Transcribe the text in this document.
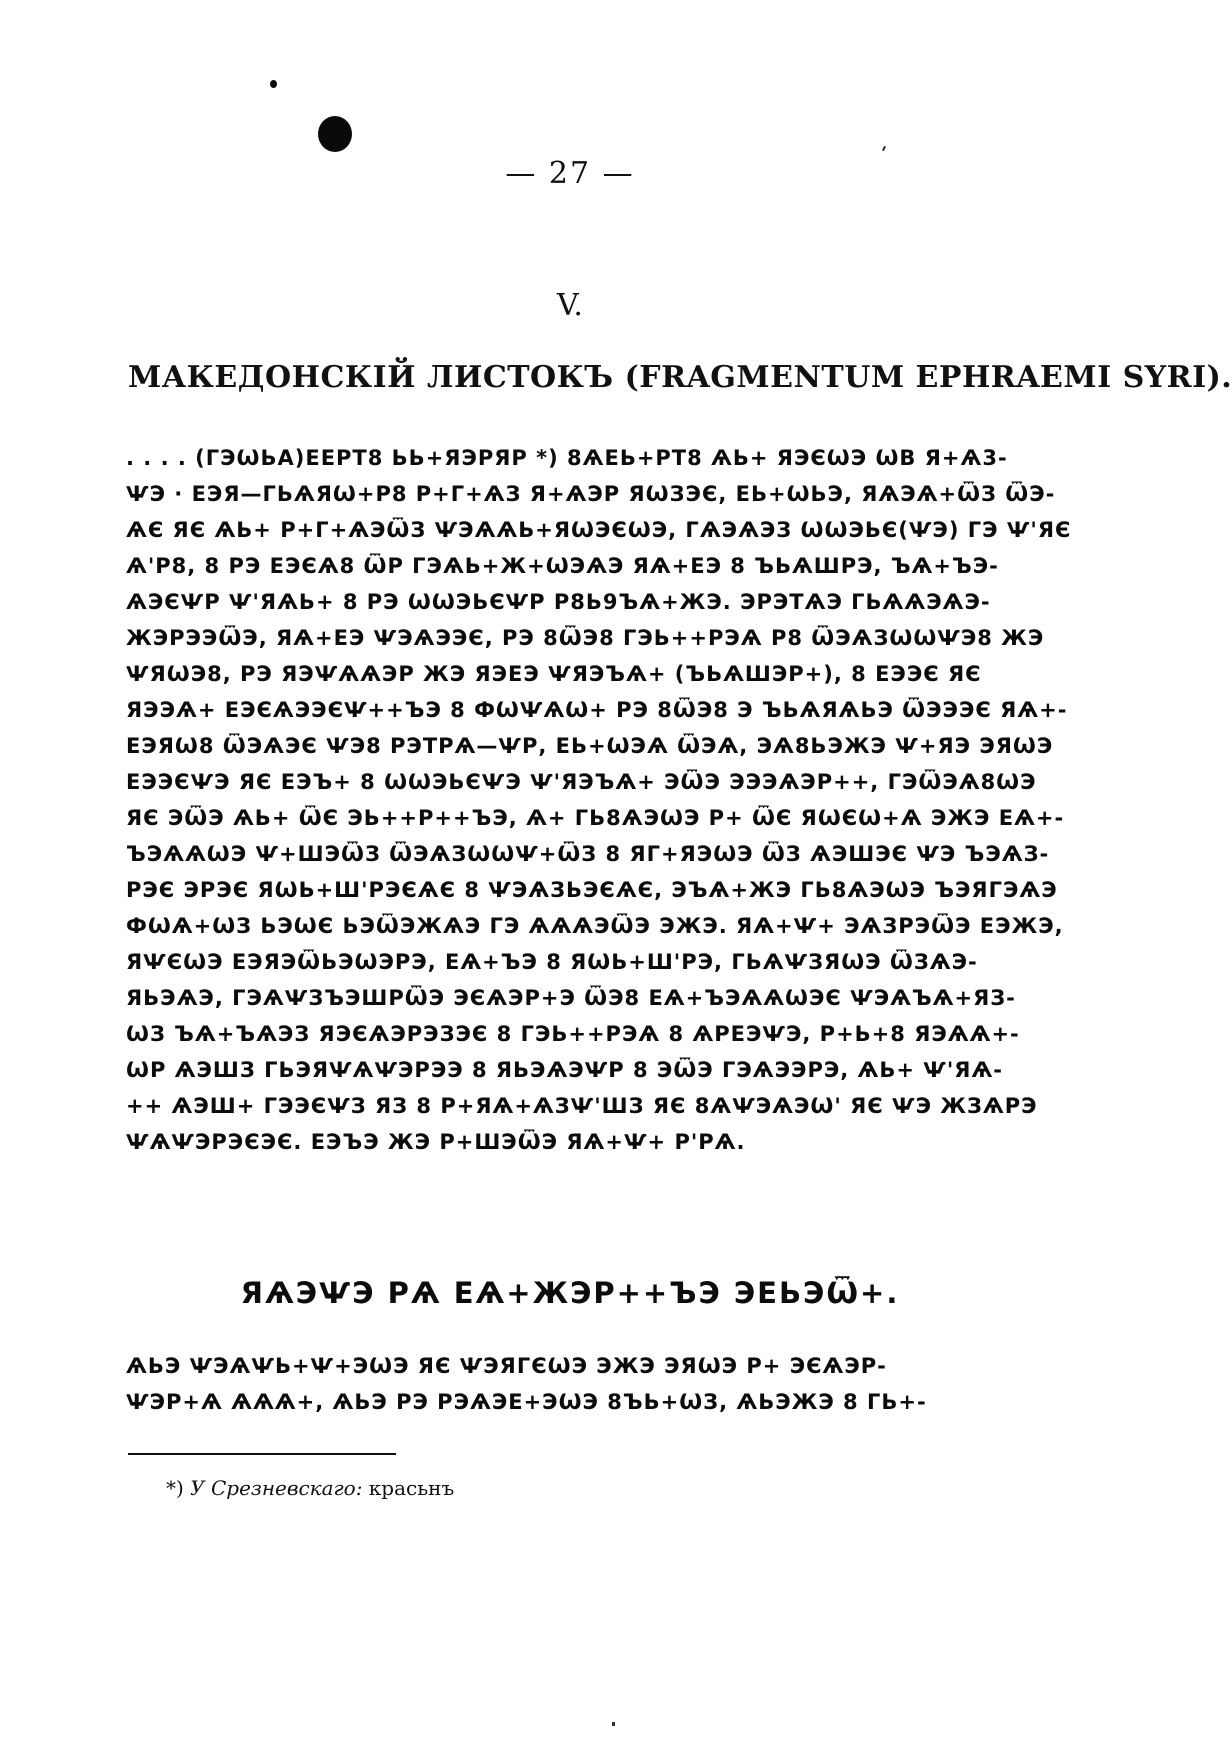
— 27 —
V.
МАКЕДОНСКІЙ ЛИСТОКЪ (FRAGMENTUM EPHRAEMI SYRI).
. . . . (ГЭѠЬА)ЕЕРТ8 ЬЬ+ЯЭРЯР *) 8ѦЕЬ+РТ8 ѦЬ+ ЯЭЄѠЭ ѠΒ Я+Ѧ3-
ѰЭ · ЕЭЯ—ГЬѦЯѠ+Р8 Р+Г+ѦЗ Я+ѦЭР ЯѠЗЭЄ, ЕЬ+ѠЬЭ, ЯѦЭѦ+ѾЗ ѾЭ-
ѦЄ ЯЄ ѦЬ+ Р+Г+ѦЭѾЗ ѰЭѦѦЬ+ЯѠЭЄѠЭ, ГѦЭѦЭЗ ѠѠЭЬЄ(ѰЭ) ГЭ Ѱ'ЯЄ
Ѧ'Р8, 8 РЭ ЕЭЄѦ8 ѾР ГЭѦЬ+Ж+ѠЭѦЭ ЯѦ+ЕЭ 8 ЪЬѦШРЭ, ЪѦ+ЪЭ-
ѦЭЄѰР Ѱ'ЯѦЬ+ 8 РЭ ѠѠЭЬЄѰР Р8Ь9ЪѦ+ЖЭ. ЭРЭТѦЭ ГЬѦѦЭѦЭ-
ЖЭРЭЭѾЭ, ЯѦ+ЕЭ ѰЭѦЭЭЄ, РЭ 8ѾЭ8 ГЭЬ++РЭѦ Р8 ѾЭѦЗѠѠѰЭ8 ЖЭ
ѰЯѠЭ8, РЭ ЯЭѰѦѦЭР ЖЭ ЯЭЕЭ ѰЯЭЪѦ+ (ЪЬѦШЭР+), 8 ЕЭЭЄ ЯЄ
ЯЭЭѦ+ ЕЭЄѦЭЭЄѰ++ЪЭ 8 ФѠѰѦѠ+ РЭ 8ѾЭ8 Э ЪЬѦЯѦЬЭ ѾЭЭЭЄ ЯѦ+-
ЕЭЯѠ8 ѾЭѦЭЄ ѰЭ8 РЭТРѦ—ѰР, ЕЬ+ѠЭѦ ѾЭѦ, ЭѦ8ЬЭЖЭ Ѱ+ЯЭ ЭЯѠЭ
ЕЭЭЄѰЭ ЯЄ ЕЭЪ+ 8 ѠѠЭЬЄѰЭ Ѱ'ЯЭЪѦ+ ЭѾЭ ЭЭЭѦЭР++, ГЭѾЭѦ8ѠЭ
ЯЄ ЭѾЭ ѦЬ+ ѾЄ ЭЬ++Р++ЪЭ, Ѧ+ ГЬ8ѦЭѠЭ Р+ ѾЄ ЯѠЄѠ+Ѧ ЭЖЭ ЕѦ+-
ЪЭѦѦѠЭ Ѱ+ШЭѾЗ ѾЭѦЗѠѠѰ+ѾЗ 8 ЯГ+ЯЭѠЭ ѾЗ ѦЭШЭЄ ѰЭ ЪЭѦЗ-
РЭЄ ЭРЭЄ ЯѠЬ+Ш'РЭЄѦЄ 8 ѰЭѦЗЬЭЄѦЄ, ЭЪѦ+ЖЭ ГЬ8ѦЭѠЭ ЪЭЯГЭѦЭ
ФѠѦ+ѠЗ ЬЭѠЄ ЬЭѾЭЖѦЭ ГЭ ѦѦѦЭѾЭ ЭЖЭ. ЯѦ+Ѱ+ ЭѦЗРЭѾЭ ЕЭЖЭ,
ЯѰЄѠЭ ЕЭЯЭѾЬЭѠЭРЭ, ЕѦ+ЪЭ 8 ЯѠЬ+Ш'РЭ, ГЬѦѰЗЯѠЭ ѾЗѦЭ-
ЯЬЭѦЭ, ГЭѦѰЗЪЭШРѾЭ ЭЄѦЭР+Э ѾЭ8 ЕѦ+ЪЭѦѦѠЭЄ ѰЭѦЪѦ+ЯЗ-
ѠЗ ЪѦ+ЪѦЭЗ ЯЭЄѦЭРЭЗЭЄ 8 ГЭЬ++РЭѦ 8 ѦРЕЭѰЭ, Р+Ь+8 ЯЭѦѦ+-
ѠР ѦЭШЗ ГЬЭЯѰѦѰЭРЭЭ 8 ЯЬЭѦЭѰР 8 ЭѾЭ ГЭѦЭЭРЭ, ѦЬ+ Ѱ'ЯѦ-
++ ѦЭШ+ ГЭЭЄѰЗ ЯЗ 8 Р+ЯѦ+ѦЗѰ'ШЗ ЯЄ 8ѦѰЭѦЭѠ' ЯЄ ѰЭ ЖЗѦРЭ
ѰѦѰЭРЭЄЭЄ. ЕЭЪЭ ЖЭ Р+ШЭѾЭ ЯѦ+Ѱ+ Р'РѦ.
ЯѦЭѰЭ РѦ ЕѦ+ЖЭР++ЪЭ ЭЕЬЭѾ+.
ѦЬЭ ѰЭѦѰЬ+Ѱ+ЭѠЭ ЯЄ ѰЭЯГЄѠЭ ЭЖЭ ЭЯѠЭ Р+ ЭЄѦЭР-
ѰЭР+Ѧ ѦѦѦ+, ѦЬЭ РЭ РЭѦЭЕ+ЭѠЭ 8ЪЬ+ѠЗ, ѦЬЭЖЭ 8 ГЬ+-
*) У Срезневскаго: красьнъ
